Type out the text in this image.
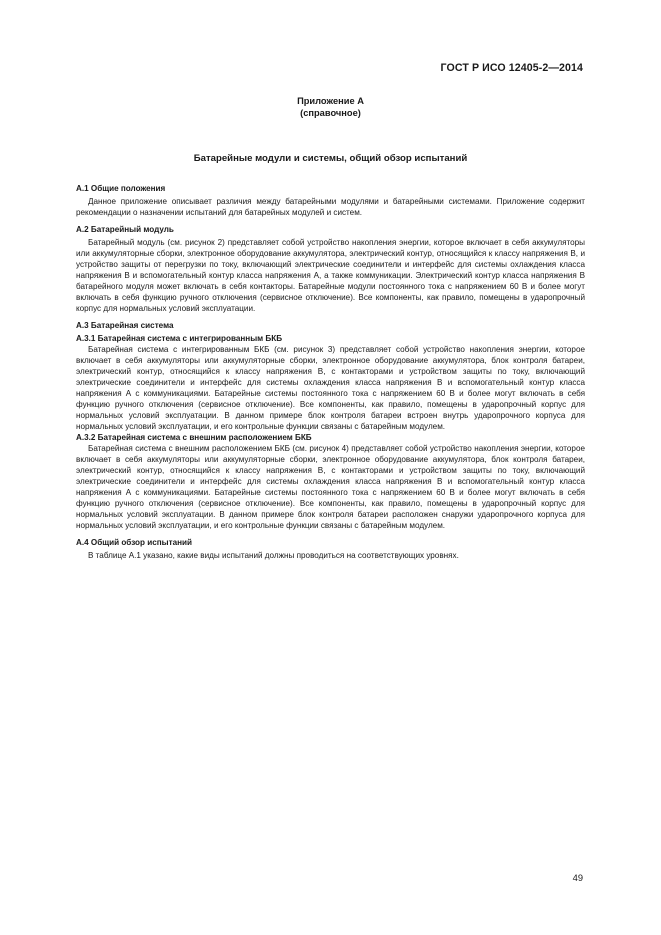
ГОСТ Р ИСО 12405-2—2014
Приложение А
(справочное)
Батарейные модули и системы, общий обзор испытаний
А.1 Общие положения

Данное приложение описывает различия между батарейными модулями и батарейными системами. Приложение содержит рекомендации о назначении испытаний для батарейных модулей и систем.

А.2 Батарейный модуль

Батарейный модуль (см. рисунок 2) представляет собой устройство накопления энергии, которое включает в себя аккумуляторы или аккумуляторные сборки, электронное оборудование аккумулятора, электрический контур, относящийся к классу напряжения В, и устройство защиты от перегрузки по току, включающий электрические соединители и интерфейс для системы охлаждения класса напряжения В и вспомогательный контур класса напряжения А, а также коммуникации. Электрический контур класса напряжения В батарейного модуля может включать в себя контакторы. Батарейные модули постоянного тока с напряжением 60 В и более могут включать в себя функцию ручного отключения (сервисное отключение). Все компоненты, как правило, помещены в ударопрочный корпус для нормальных условий эксплуатации.

А.3 Батарейная система
А.3.1 Батарейная система с интегрированным БКБ

Батарейная система с интегрированным БКБ (см. рисунок 3) представляет собой устройство накопления энергии, которое включает в себя аккумуляторы или аккумуляторные сборки, электронное оборудование аккумулятора, блок контроля батареи, электрический контур, относящийся к классу напряжения В, с контакторами и устройством защиты по току, включающий электрические соединители и интерфейс для системы охлаждения класса напряжения В и вспомогательный контур класса напряжения А с коммуникациями. Батарейные системы постоянного тока с напряжением 60 В и более могут включать в себя функцию ручного отключения (сервисное отключение). Все компоненты, как правило, помещены в ударопрочный корпус для нормальных условий эксплуатации. В данном примере блок контроля батареи встроен внутрь ударопрочного корпуса для нормальных условий эксплуатации, и его контрольные функции связаны с батарейным модулем.

А.3.2 Батарейная система с внешним расположением БКБ

Батарейная система с внешним расположением БКБ (см. рисунок 4) представляет собой устройство накопления энергии, которое включает в себя аккумуляторы или аккумуляторные сборки, электронное оборудование аккумулятора, блок контроля батареи, электрический контур, относящийся к классу напряжения В, с контакторами и устройством защиты по току, включающий электрические соединители и интерфейс для системы охлаждения класса напряжения В и вспомогательный контур класса напряжения А с коммуникациями. Батарейные системы постоянного тока с напряжением 60 В и более могут включать в себя функцию ручного отключения (сервисное отключение). Все компоненты, как правило, помещены в ударопрочный корпус для нормальных условий эксплуатации. В данном примере блок контроля батареи расположен снаружи ударопрочного корпуса для нормальных условий эксплуатации, и его контрольные функции связаны с батарейным модулем.

А.4 Общий обзор испытаний

В таблице А.1 указано, какие виды испытаний должны проводиться на соответствующих уровнях.

49
